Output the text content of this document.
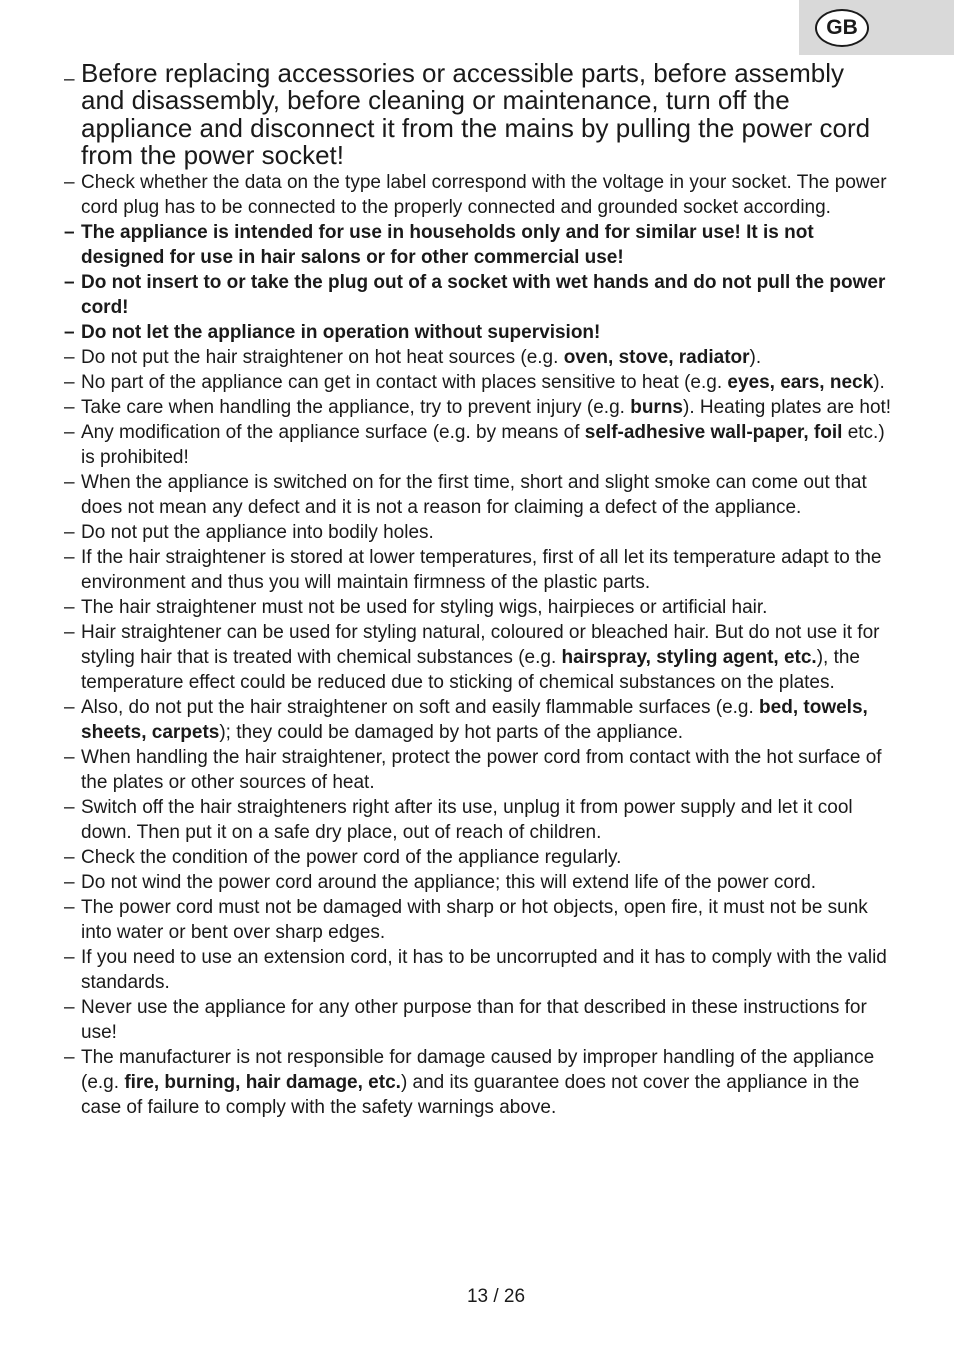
GB

– Before replacing accessories or accessible parts, before assembly and disassembly, before cleaning or maintenance, turn off the appliance and disconnect it from the mains by pulling the power cord from the power socket!

– Check whether the data on the type label correspond with the voltage in your socket. The power cord plug has to be connected to the properly connected and grounded socket according.

– The appliance is intended for use in households only and for similar use! It is not designed for use in hair salons or for other commercial use!

– Do not insert to or take the plug out of a socket with wet hands and do not pull the power cord!

– Do not let the appliance in operation without supervision!

– Do not put the hair straightener on hot heat sources (e.g. oven, stove, radiator).

– No part of the appliance can get in contact with places sensitive to heat (e.g. eyes, ears, neck).

– Take care when handling the appliance, try to prevent injury (e.g. burns). Heating plates are hot!

– Any modification of the appliance surface (e.g. by means of self-adhesive wall-paper, foil etc.) is prohibited!

– When the appliance is switched on for the first time, short and slight smoke can come out that does not mean any defect and it is not a reason for claiming a defect of the appliance.

– Do not put the appliance into bodily holes.

– If the hair straightener is stored at lower temperatures, first of all let its temperature adapt to the environment and thus you will maintain firmness of the plastic parts.

– The hair straightener must not be used for styling wigs, hairpieces or artificial hair.

– Hair straightener can be used for styling natural, coloured or bleached hair. But do not use it for styling hair that is treated with chemical substances (e.g. hairspray, styling agent, etc.), the temperature effect could be reduced due to sticking of chemical substances on the plates.

– Also, do not put the hair straightener on soft and easily flammable surfaces (e.g. bed, towels, sheets, carpets); they could be damaged by hot parts of the appliance.

– When handling the hair straightener, protect the power cord from contact with the hot surface of the plates or other sources of heat.

– Switch off the hair straighteners right after its use, unplug it from power supply and let it cool down. Then put it on a safe dry place, out of reach of children.

– Check the condition of the power cord of the appliance regularly.

– Do not wind the power cord around the appliance; this will extend life of the power cord.

– The power cord must not be damaged with sharp or hot objects, open fire, it must not be sunk into water or bent over sharp edges.

– If you need to use an extension cord, it has to be uncorrupted and it has to comply with the valid standards.

– Never use the appliance for any other purpose than for that described in these instructions for use!

– The manufacturer is not responsible for damage caused by improper handling of the appliance (e.g. fire, burning, hair damage, etc.) and its guarantee does not cover the appliance in the case of failure to comply with the safety warnings above.

13 / 26
